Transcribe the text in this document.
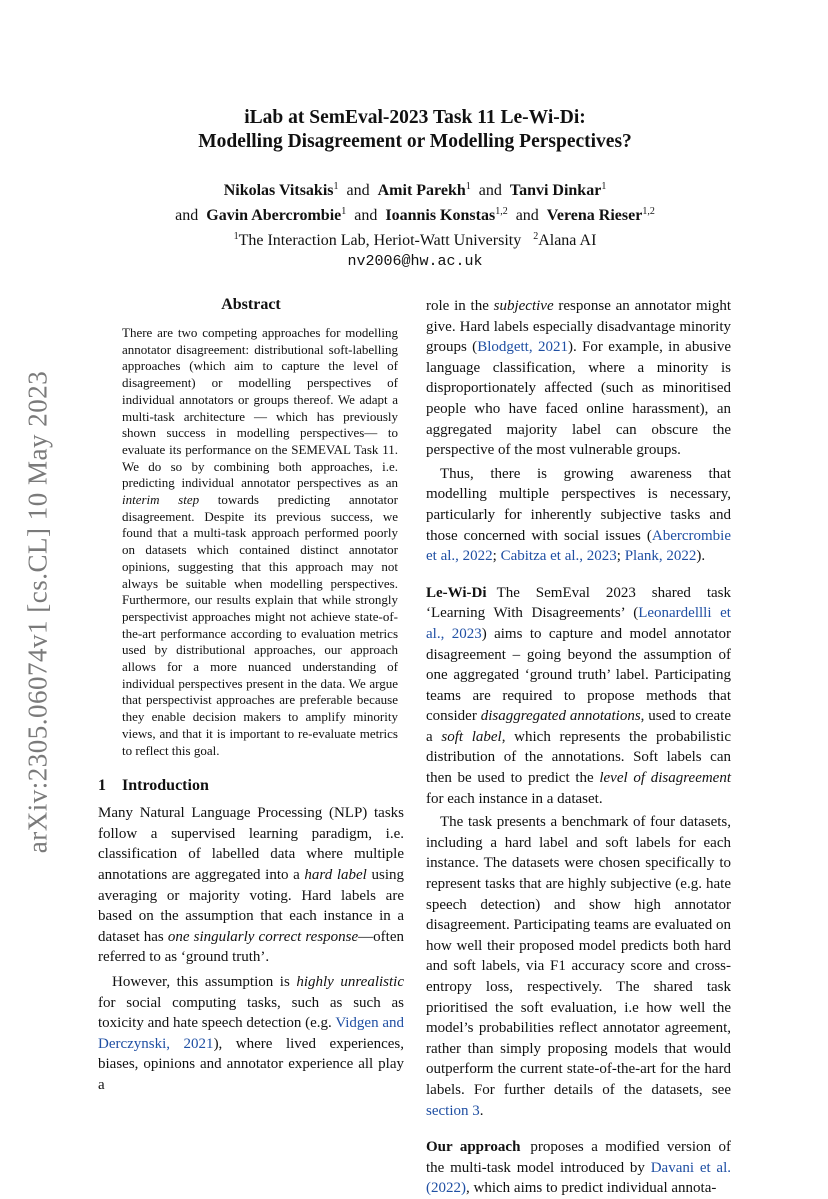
arXiv:2305.06074v1 [cs.CL] 10 May 2023
iLab at SemEval-2023 Task 11 Le-Wi-Di:
Modelling Disagreement or Modelling Perspectives?
Nikolas Vitsakis$^1$ and Amit Parekh$^1$ and Tanvi Dinkar$^1$
and Gavin Abercrombie$^1$ and Ioannis Konstas$^{1,2}$ and Verena Rieser$^{1,2}$
$^1$The Interaction Lab, Heriot-Watt University $^2$Alana AI
nv2006@hw.ac.uk
Abstract

There are two competing approaches for modelling annotator disagreement: distributional soft-labelling approaches (which aim to capture the level of disagreement) or modelling perspectives of individual annotators or groups thereof. We adapt a multi-task architecture — which has previously shown success in modelling perspectives— to evaluate its performance on the SEMEVAL Task 11. We do so by combining both approaches, i.e. predicting individual annotator perspectives as an interim step towards predicting annotator disagreement. Despite its previous success, we found that a multi-task approach performed poorly on datasets which contained distinct annotator opinions, suggesting that this approach may not always be suitable when modelling perspectives. Furthermore, our results explain that while strongly perspectivist approaches might not achieve state-of-the-art performance according to evaluation metrics used by distributional approaches, our approach allows for a more nuanced understanding of individual perspectives present in the data. We argue that perspectivist approaches are preferable because they enable decision makers to amplify minority views, and that it is important to re-evaluate metrics to reflect this goal.

1 Introduction

Many Natural Language Processing (NLP) tasks follow a supervised learning paradigm, i.e. classification of labelled data where multiple annotations are aggregated into a hard label using averaging or majority voting. Hard labels are based on the assumption that each instance in a dataset has one singularly correct response—often referred to as ‘ground truth’.

However, this assumption is highly unrealistic for social computing tasks, such as such as toxicity and hate speech detection (e.g. Vidgen and Derczynski, 2021), where lived experiences, biases, opinions and annotator experience all play a

role in the subjective response an annotator might give. Hard labels especially disadvantage minority groups (Blodgett, 2021). For example, in abusive language classification, where a minority is disproportionately affected (such as minoritised people who have faced online harassment), an aggregated majority label can obscure the perspective of the most vulnerable groups.

Thus, there is growing awareness that modelling multiple perspectives is necessary, particularly for inherently subjective tasks and those concerned with social issues (Abercrombie et al., 2022; Cabitza et al., 2023; Plank, 2022).

Le-Wi-Di The SemEval 2023 shared task ‘Learning With Disagreements’ (Leonardellli et al., 2023) aims to capture and model annotator disagreement – going beyond the assumption of one aggregated ‘ground truth’ label. Participating teams are required to propose methods that consider disaggregated annotations, used to create a soft label, which represents the probabilistic distribution of the annotations. Soft labels can then be used to predict the level of disagreement for each instance in a dataset.

The task presents a benchmark of four datasets, including a hard label and soft labels for each instance. The datasets were chosen specifically to represent tasks that are highly subjective (e.g. hate speech detection) and show high annotator disagreement. Participating teams are evaluated on how well their proposed model predicts both hard and soft labels, via F1 accuracy score and cross-entropy loss, respectively. The shared task prioritised the soft evaluation, i.e how well the model’s probabilities reflect annotator agreement, rather than simply proposing models that would outperform the current state-of-the-art for the hard labels. For further details of the datasets, see section 3.

Our approach proposes a modified version of the multi-task model introduced by Davani et al. (2022), which aims to predict individual annota-
